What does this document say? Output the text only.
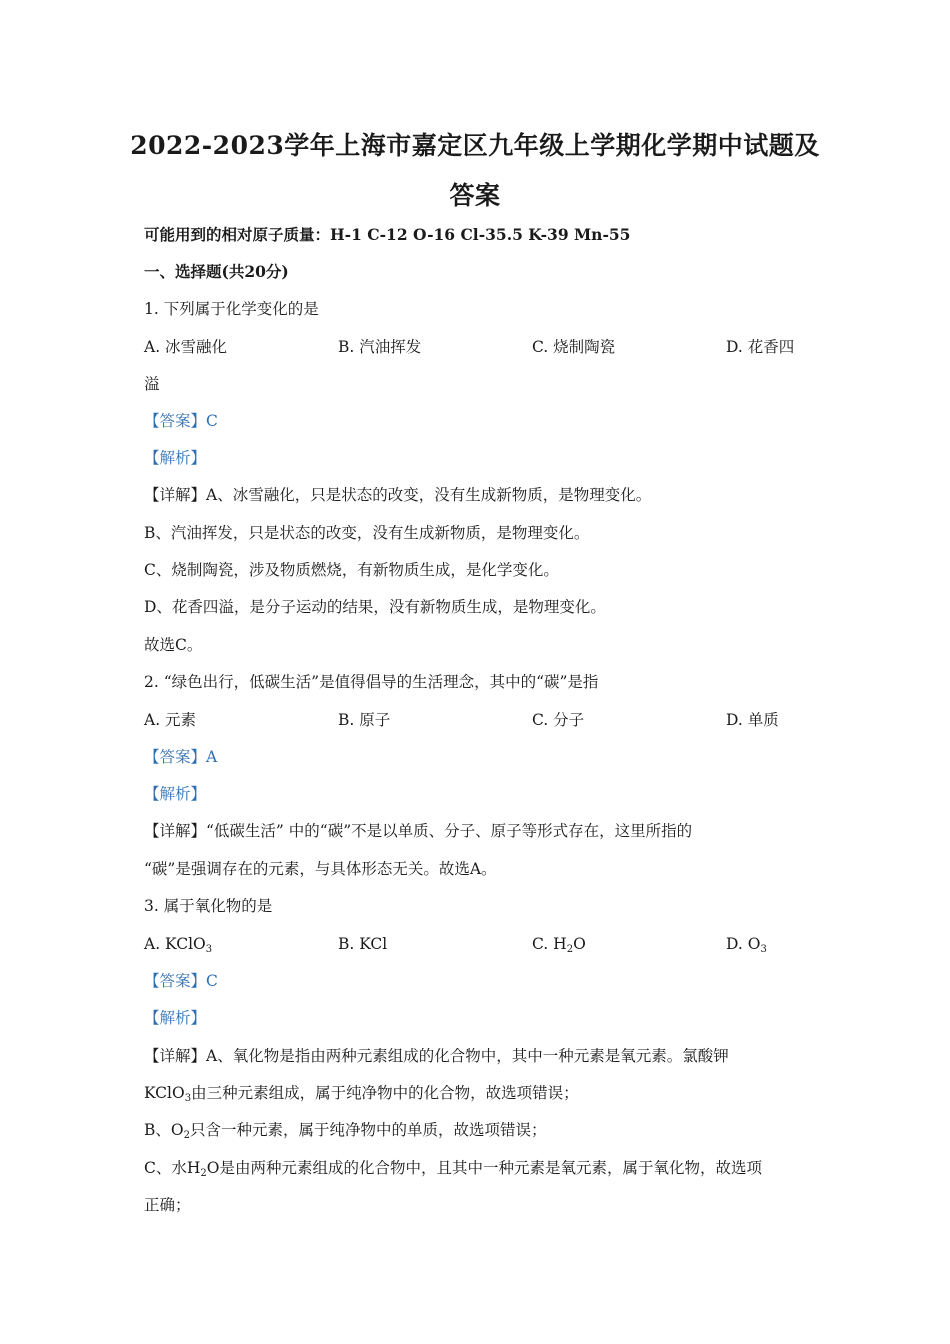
2022-2023学年上海市嘉定区九年级上学期化学期中试题及
答案
可能用到的相对原子质量：H-1 C-12 O-16 Cl-35.5 K-39 Mn-55
一、选择题(共20分)
1. 下列属于化学变化的是
A. 冰雪融化	B. 汽油挥发	C. 烧制陶瓷	D. 花香四
溢
【答案】C
【解析】
【详解】A、冰雪融化，只是状态的改变，没有生成新物质，是物理变化。
B、汽油挥发，只是状态的改变，没有生成新物质，是物理变化。
C、烧制陶瓷，涉及物质燃烧，有新物质生成，是化学变化。
D、花香四溢，是分子运动的结果，没有新物质生成，是物理变化。
故选C。
2. “绿色出行，低碳生活”是值得倡导的生活理念，其中的“碳”是指
A. 元素	B. 原子	C. 分子	D. 单质
【答案】A
【解析】
【详解】“低碳生活” 中的“碳”不是以单质、分子、原子等形式存在，这里所指的
“碳”是强调存在的元素，与具体形态无关。故选A。
3. 属于氧化物的是
A. KClO$_3$	B. KCl	C. $H_2O$	D. $O_3$
【答案】C
【解析】
【详解】A、氧化物是指由两种元素组成的化合物中，其中一种元素是氧元素。氯酸钾
KClO$_3$由三种元素组成，属于纯净物中的化合物，故选项错误；
B、$O_2$只含一种元素，属于纯净物中的单质，故选项错误；
C、水$H_2O$是由两种元素组成的化合物中，且其中一种元素是氧元素，属于氧化物，故选项
正确；
